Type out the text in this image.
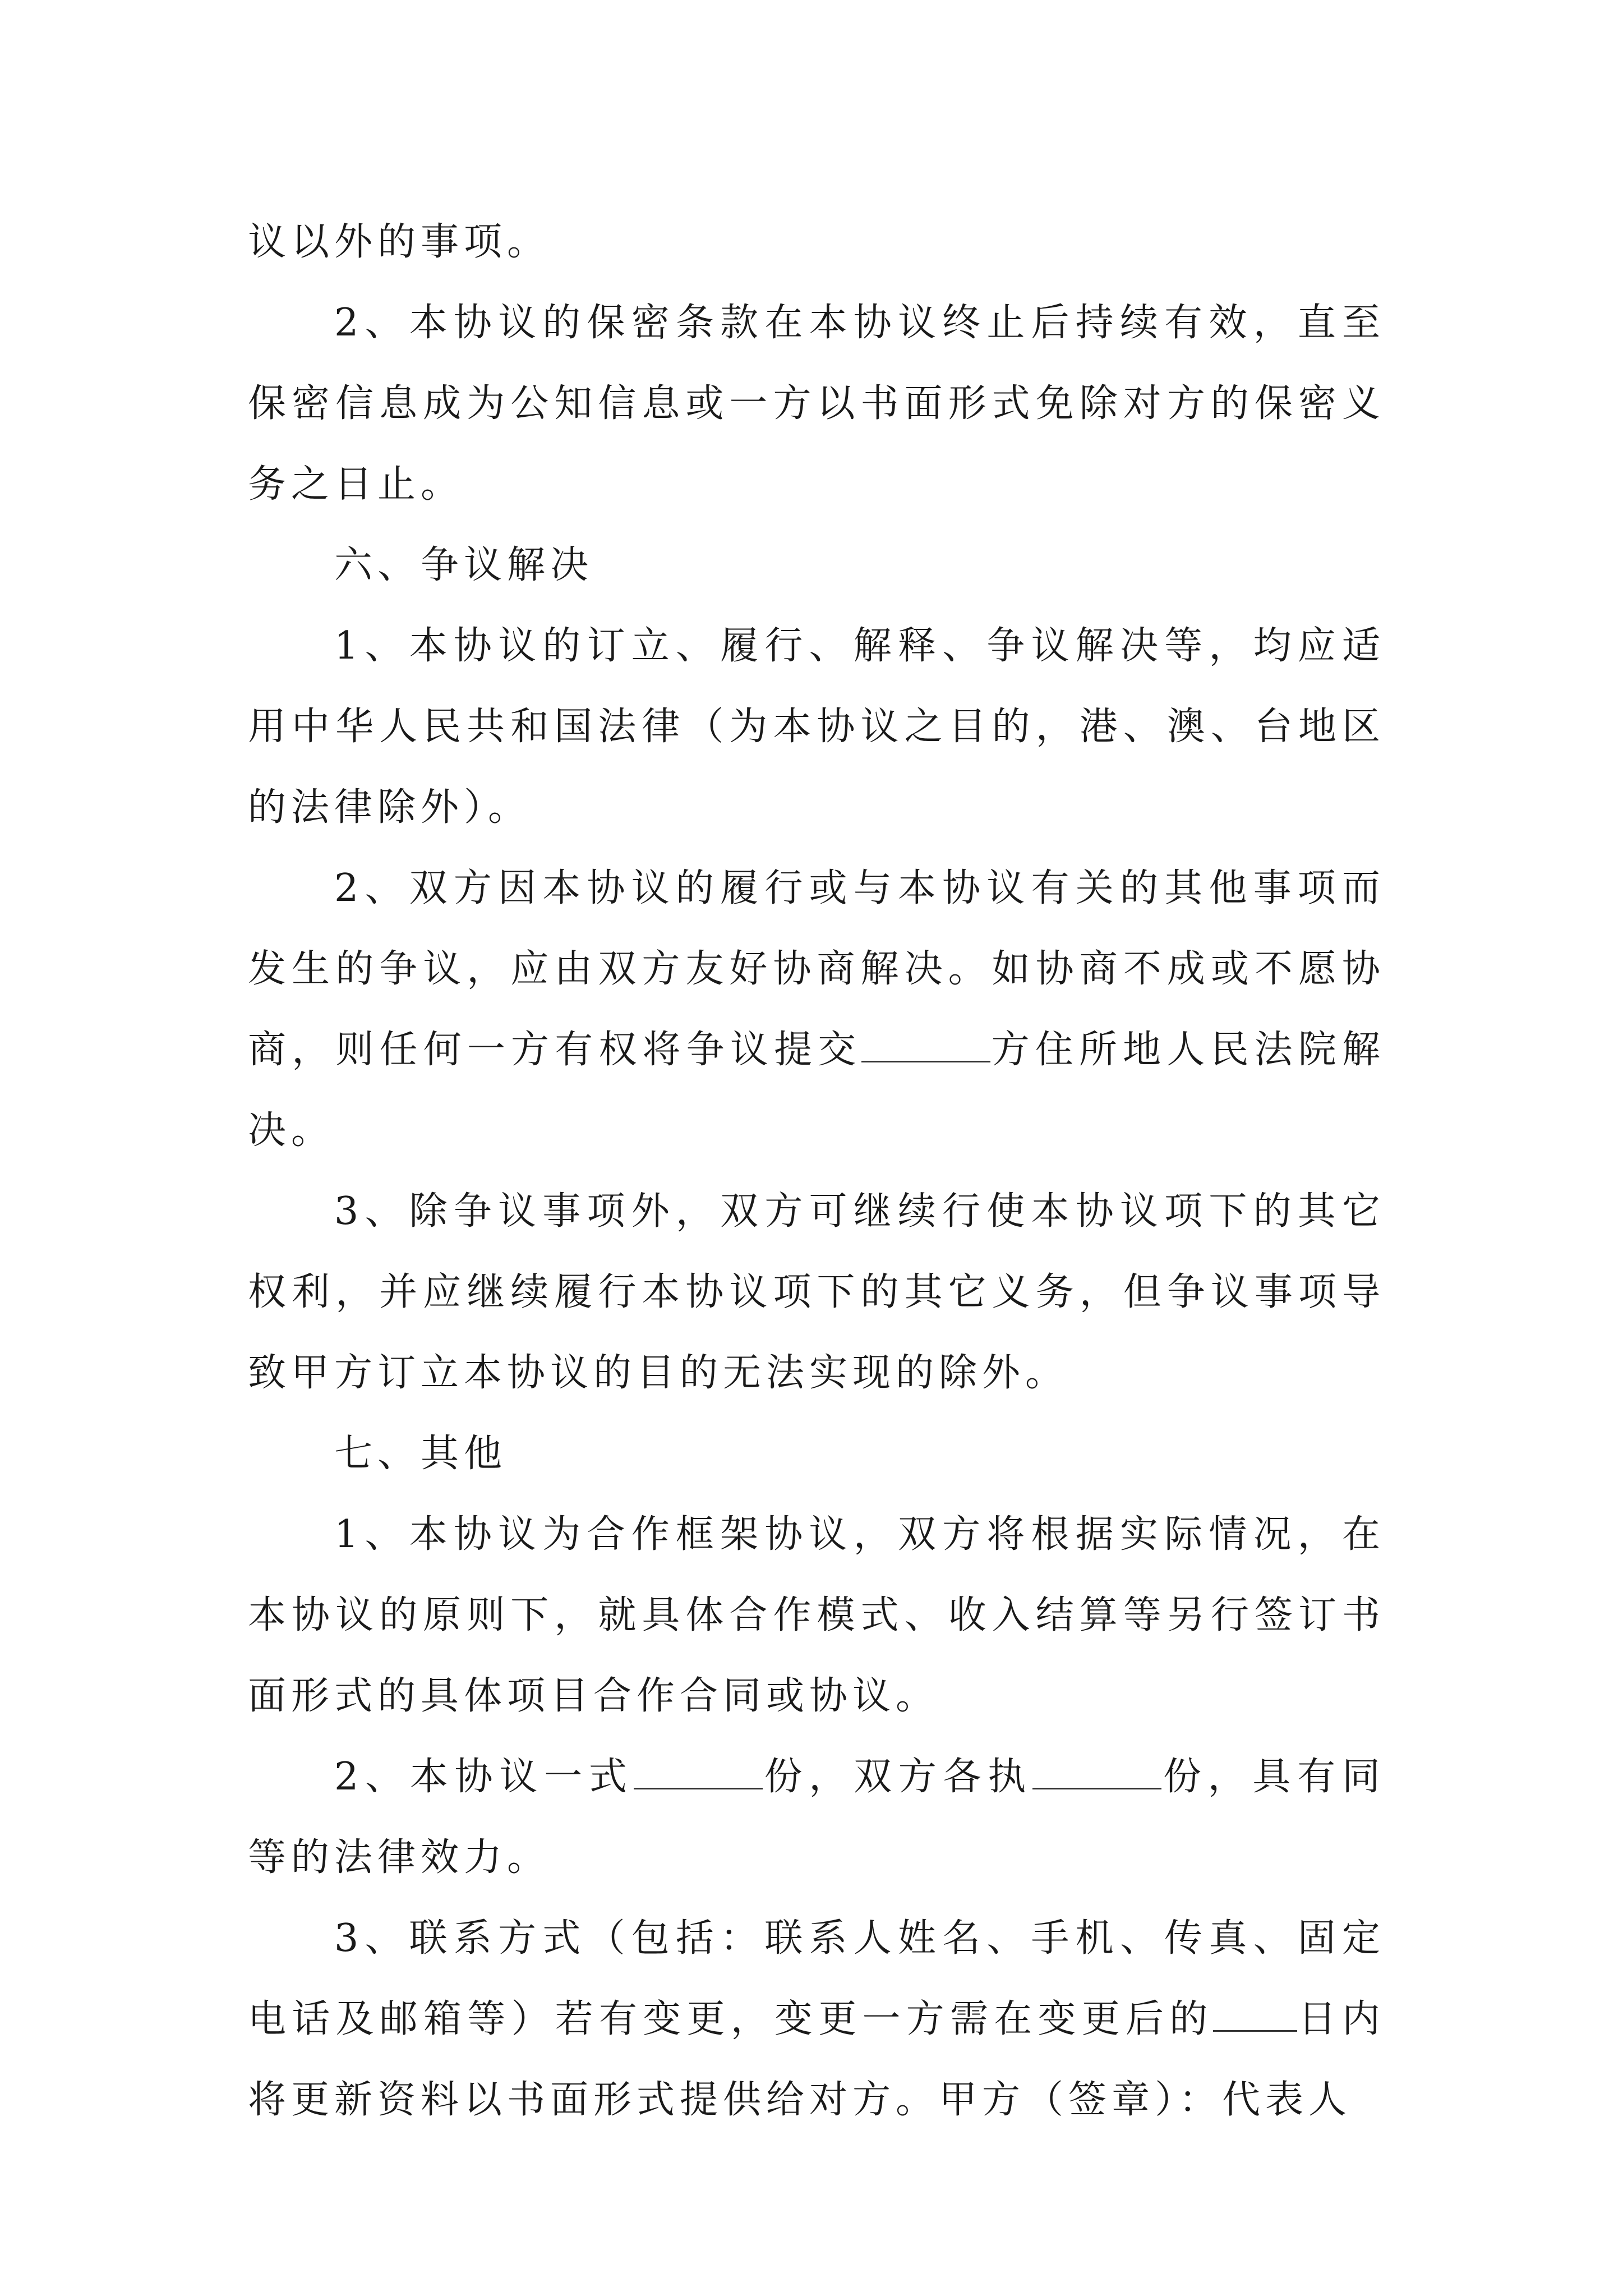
议以外的事项。

2、本协议的保密条款在本协议终止后持续有效，直至保密信息成为公知信息或一方以书面形式免除对方的保密义务之日止。

六、争议解决

1、本协议的订立、履行、解释、争议解决等，均应适用中华人民共和国法律（为本协议之目的，港、澳、台地区的法律除外）。

2、双方因本协议的履行或与本协议有关的其他事项而发生的争议，应由双方友好协商解决。如协商不成或不愿协商，则任何一方有权将争议提交	方住所地人民法院解决。

3、除争议事项外，双方可继续行使本协议项下的其它权利，并应继续履行本协议项下的其它义务，但争议事项导致甲方订立本协议的目的无法实现的除外。

七、其他

1、本协议为合作框架协议，双方将根据实际情况，在本协议的原则下，就具体合作模式、收入结算等另行签订书面形式的具体项目合作合同或协议。

2、本协议一式	份，双方各执	份，具有同等的法律效力。

3、联系方式（包括：联系人姓名、手机、传真、固定电话及邮箱等）若有变更，变更一方需在变更后的 日内将更新资料以书面形式提供给对方。甲方（签章）：代表人
